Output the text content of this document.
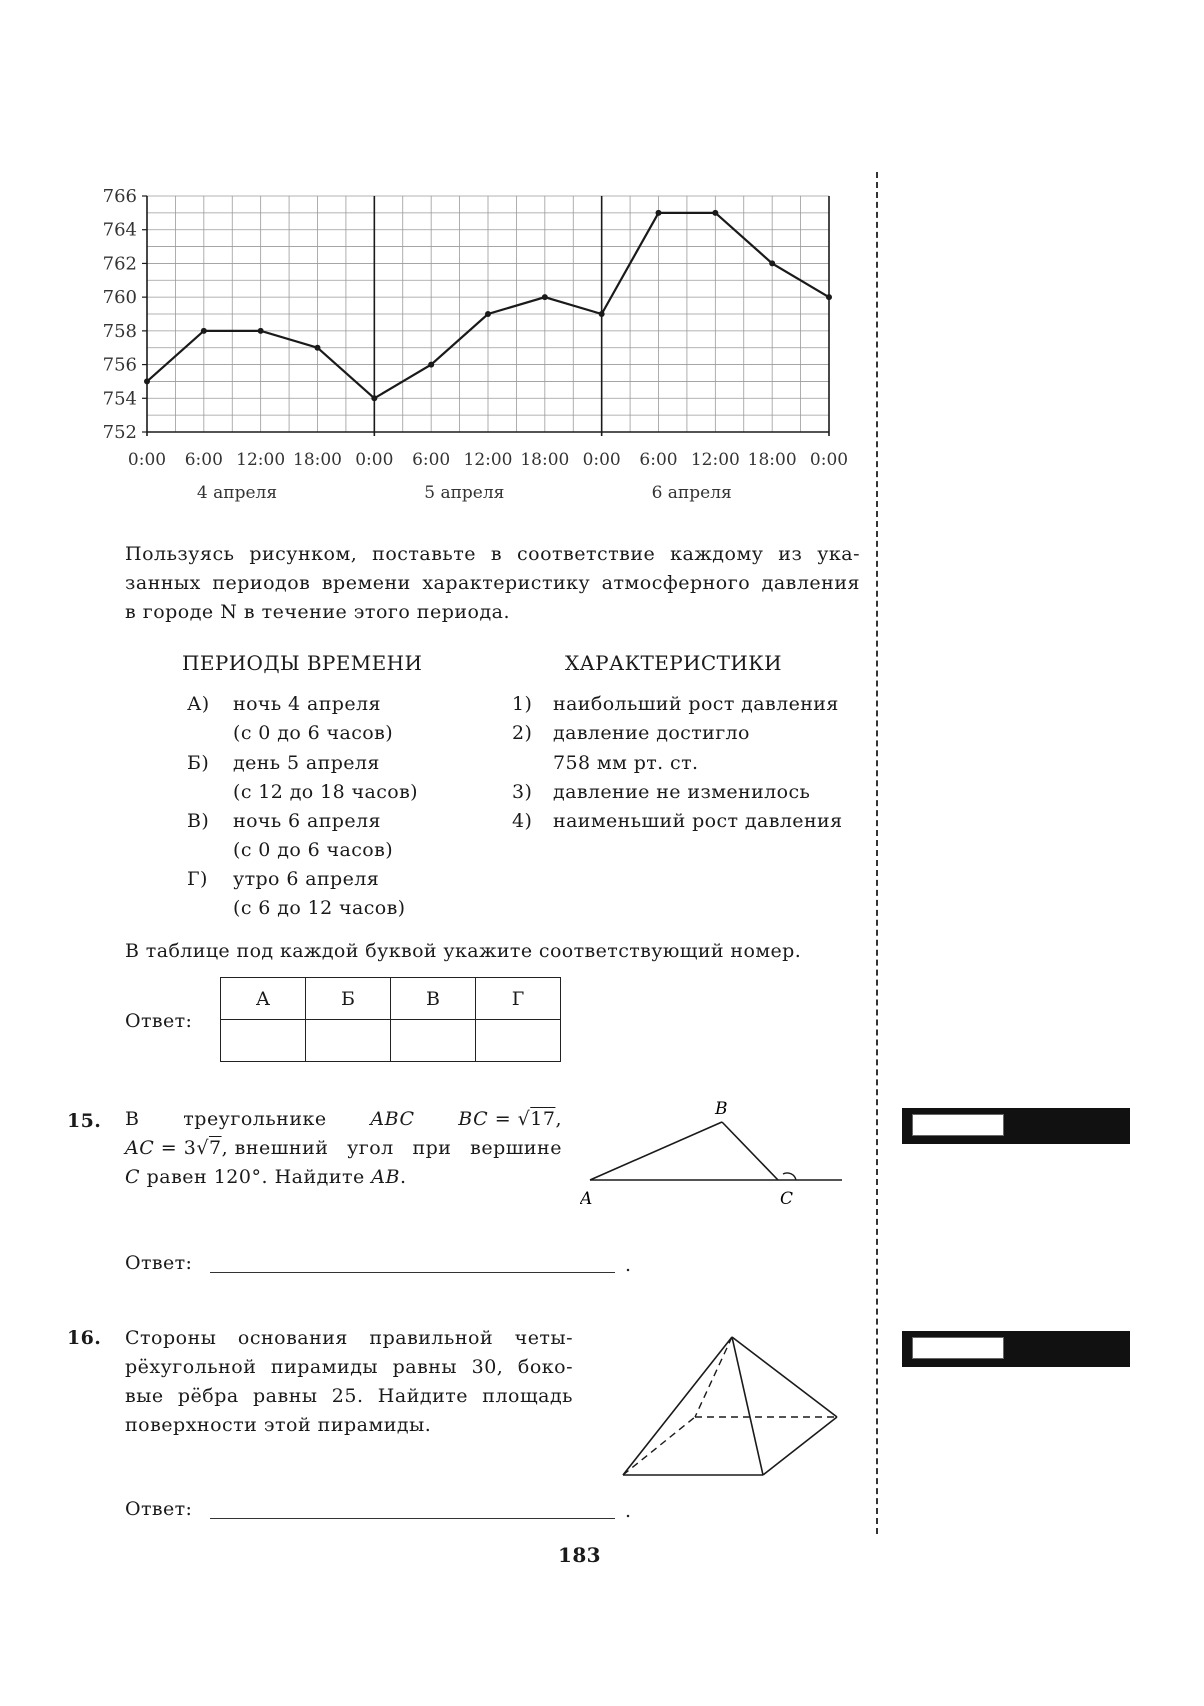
766
764
762
760
758
756
754
752
0:00 6:00 12:00 18:00 0:00 6:00 12:00 18:00 0:00 6:00 12:00 18:00 0:00
4 апреля	5 апреля	6 апреля
Пользуясь рисунком, поставьте в соответствие каждому из ука-
занных периодов времени характеристику атмосферного давления
в городе N в течение этого периода.
ПЕРИОДЫ ВРЕМЕНИ	ХАРАКТЕРИСТИКИ
А) ночь 4 апреля
(с 0 до 6 часов)
Б) день 5 апреля
(с 12 до 18 часов)
В) ночь 6 апреля
(с 0 до 6 часов)
Г) утро 6 апреля
(с 6 до 12 часов)
1) наибольший рост давления
2) давление достигло
758 мм рт. ст.
3) давление не изменилось
4) наименьший рост давления
В таблице под каждой буквой укажите соответствующий номер.
Ответ:
А	Б	В	Г

15. В треугольнике ABC BC = √17,
AC = 3√7, внешний угол при вершине
C равен 120°. Найдите AB.
B
A	C
Ответ:	.
16. Стороны основания правильной четы-
рёхугольной пирамиды равны 30, боко-
вые рёбра равны 25. Найдите площадь
поверхности этой пирамиды.
Ответ:	.
183
